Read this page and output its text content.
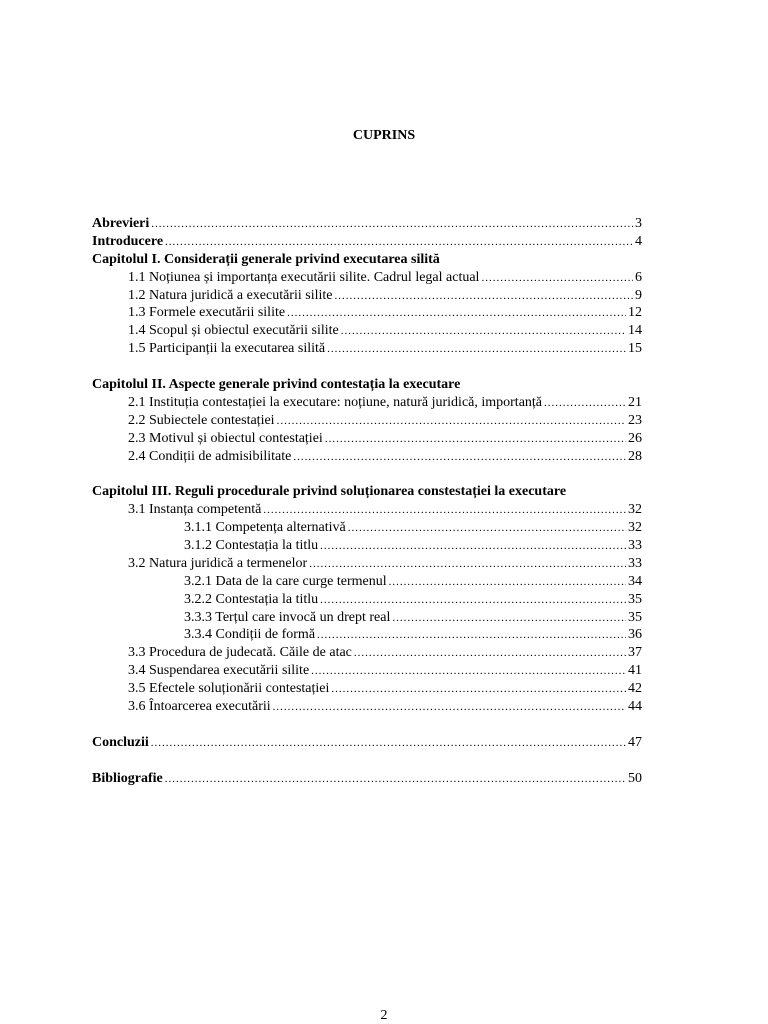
CUPRINS
Abrevieri .....	3
Introducere .....	4
Capitolul I. Considerații generale privind executarea silită
1.1 Noțiunea și importanța executării silite. Cadrul legal actual .....	6
1.2 Natura juridică a executării silite .....	9
1.3 Formele executării silite .....	12
1.4 Scopul și obiectul executării silite .....	14
1.5 Participanții la executarea silită .....	15
Capitolul II. Aspecte generale privind contestația la executare
2.1 Instituția contestației la executare: noțiune, natură juridică, importanță .....	21
2.2 Subiectele contestației .....	23
2.3 Motivul și obiectul contestației .....	26
2.4 Condiții de admisibilitate .....	28
Capitolul III. Reguli procedurale privind soluționarea constestației la executare
3.1 Instanța competentă .....	32
3.1.1 Competența alternativă .....	32
3.1.2 Contestația la titlu .....	33
3.2 Natura juridică a termenelor .....	33
3.2.1 Data de la care curge termenul .....	34
3.2.2 Contestația la titlu .....	35
3.3.3 Terțul care invocă un drept real .....	35
3.3.4 Condiții de formă .....	36
3.3 Procedura de judecată. Căile de atac .....	37
3.4 Suspendarea executării silite .....	41
3.5 Efectele soluționării contestației .....	42
3.6 Întoarcerea executării .....	44
Concluzii .....	47
Bibliografie .....	50
2
